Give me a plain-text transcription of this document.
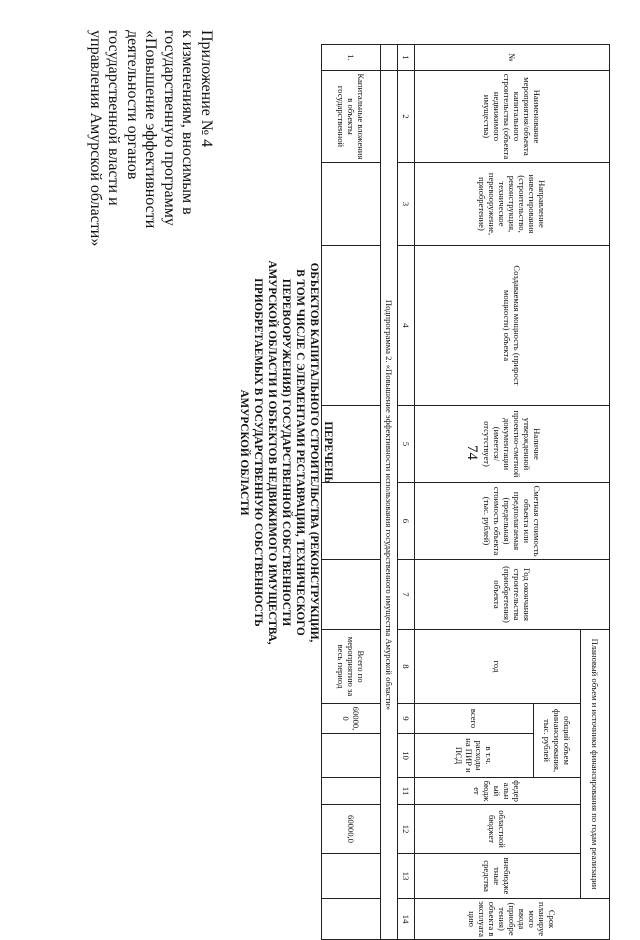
74
ПЕРЕЧЕНЬ
ОБЪЕКТОВ КАПИТАЛЬНОГО СТРОИТЕЛЬСТВА (РЕКОНСТРУКЦИИ,
В ТОМ ЧИСЛЕ С ЭЛЕМЕНТАМИ РЕСТАВРАЦИИ, ТЕХНИЧЕСКОГО
ПЕРЕВООРУЖЕНИЯ) ГОСУДАРСТВЕННОЙ СОБСТВЕННОСТИ
АМУРСКОЙ ОБЛАСТИ И ОБЪЕКТОВ НЕДВИЖИМОГО ИМУЩЕСТВА,
ПРИОБРЕТАЕМЫХ В ГОСУДАРСТВЕННУЮ СОБСТВЕННОСТЬ
АМУРСКОЙ ОБЛАСТИ
Приложение № 4
к изменениям, вносимым в
государственную программу
«Повышение эффективности
деятельности органов
государственной власти и
управления Амурской области»	№	Наименование мероприятия/объекта капитального строительства (объекта недвижимого имущества)	Направление инвестирования (строительство, реконструкция, техническое перевооружение, приобретение)	Создаваемая мощность (прирост мощности) объекта	Наличие утвержденной проектно-сметной документации (имеется/отсутствует)	Сметная стоимость объекта или предполагаемая (предельная) стоимость объекта (тыс. рублей)	Год окончания строительства (приобретения) объекта	Плановый объем и источники финансирования по годам реализации						Срок планируемого ввода (приобретения) объекта в эксплуатацию
							год	общий объем финансирования, тыс. рублей		федеральный бюджет	областной бюджет	внебюджетные средства	
								всего	в т.ч. расходы на ПИР и ПСД				
1	2	3	4	5	6	7	8	9	10	11	12	13	14
	Подпрограмма 2. «Повышение эффективности использования государственного имущества Амурской области»												
1.	Капитальные вложения в объекты государственной						Всего по мероприятию за весь период	60000,0			60000,0		
